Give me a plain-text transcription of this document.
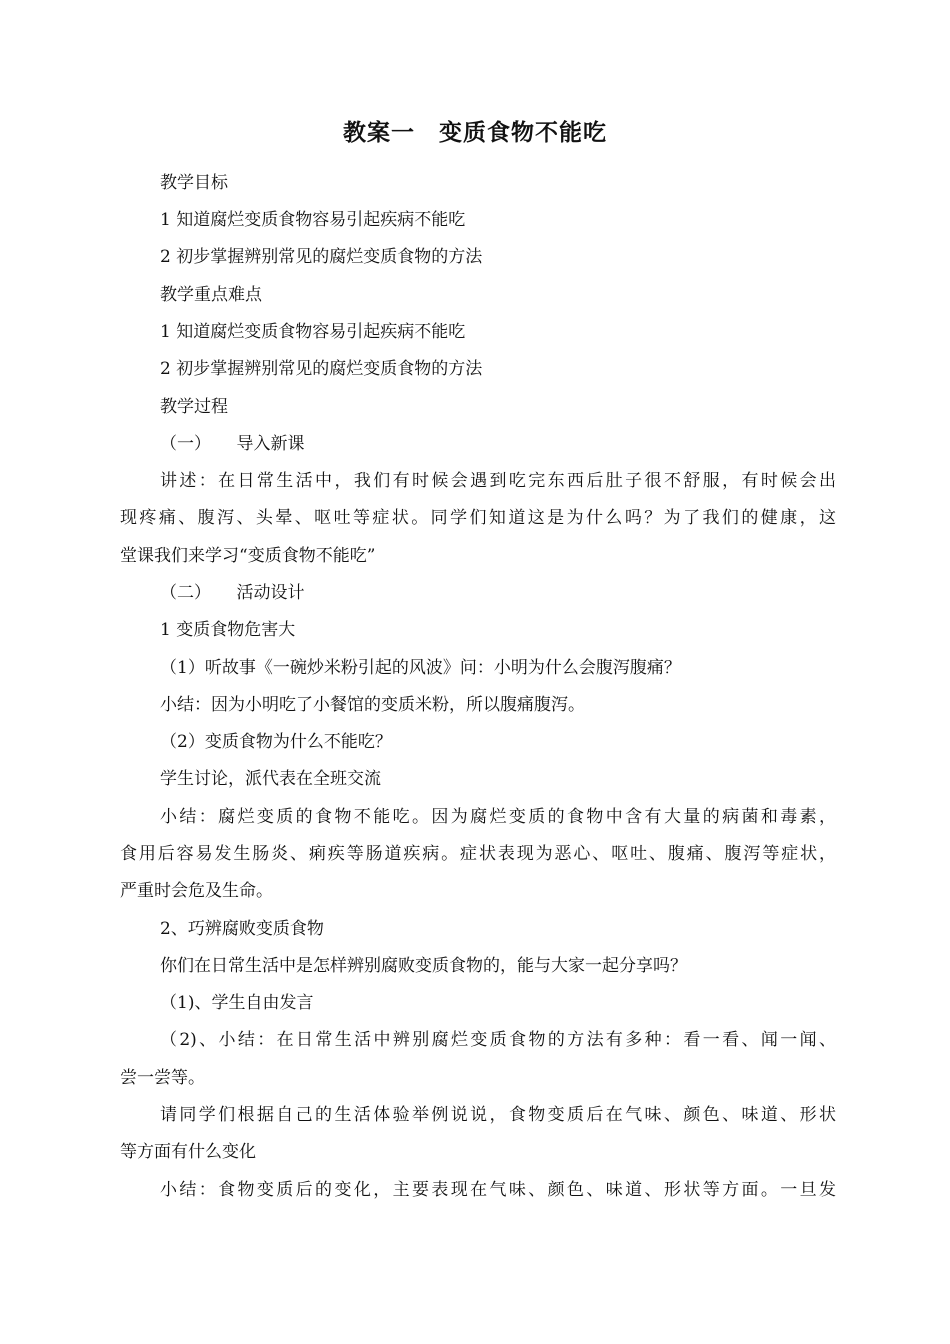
教案一　变质食物不能吃
教学目标
1 知道腐烂变质食物容易引起疾病不能吃
2 初步掌握辨别常见的腐烂变质食物的方法
教学重点难点
1 知道腐烂变质食物容易引起疾病不能吃
2 初步掌握辨别常见的腐烂变质食物的方法
教学过程
（一）　　导入新课
讲述：在日常生活中，我们有时候会遇到吃完东西后肚子很不舒服，有时候会出
现疼痛、腹泻、头晕、呕吐等症状。同学们知道这是为什么吗？为了我们的健康，这
堂课我们来学习“变质食物不能吃”
（二）　　活动设计
1 变质食物危害大
（1）听故事《一碗炒米粉引起的风波》问：小明为什么会腹泻腹痛？
小结：因为小明吃了小餐馆的变质米粉，所以腹痛腹泻。
（2）变质食物为什么不能吃？
学生讨论，派代表在全班交流
小结：腐烂变质的食物不能吃。因为腐烂变质的食物中含有大量的病菌和毒素，
食用后容易发生肠炎、痢疾等肠道疾病。症状表现为恶心、呕吐、腹痛、腹泻等症状，
严重时会危及生命。
2、巧辨腐败变质食物
你们在日常生活中是怎样辨别腐败变质食物的，能与大家一起分享吗？
（1)、学生自由发言
（2)、小结：在日常生活中辨别腐烂变质食物的方法有多种：看一看、闻一闻、
尝一尝等。
请同学们根据自己的生活体验举例说说，食物变质后在气味、颜色、味道、形状
等方面有什么变化
小结：食物变质后的变化，主要表现在气味、颜色、味道、形状等方面。一旦发
